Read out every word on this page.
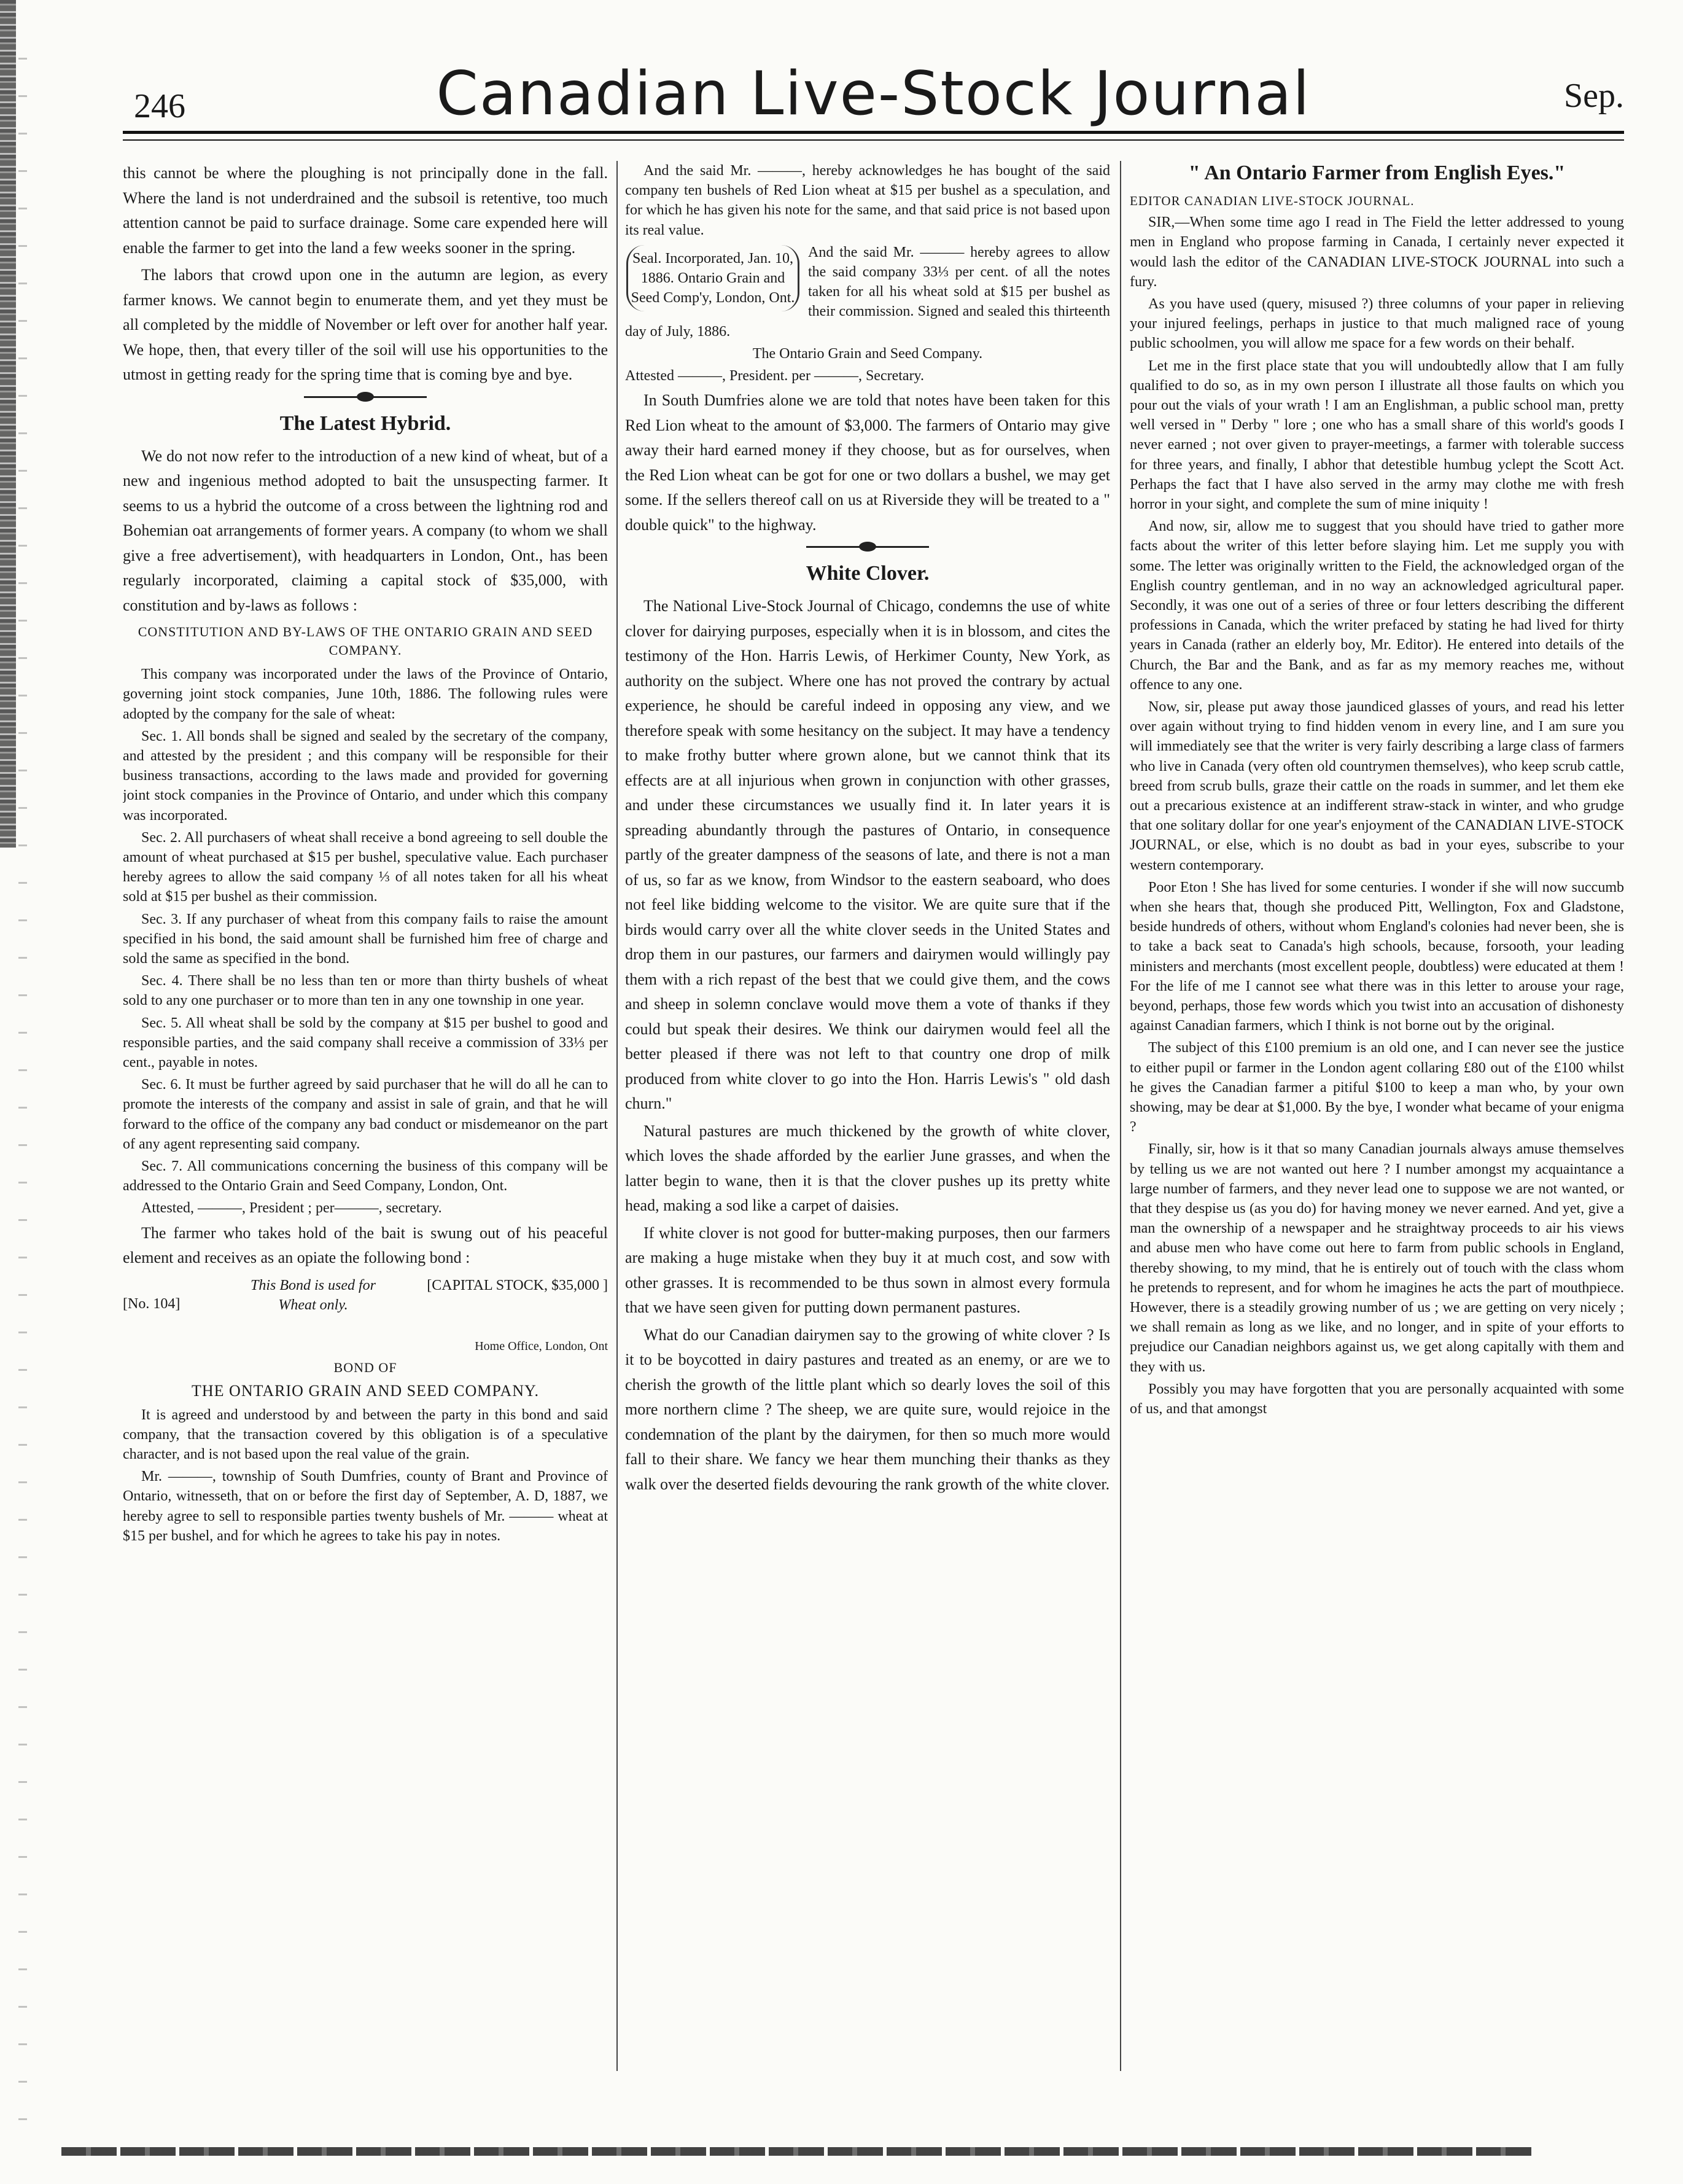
246	Canadian Live-Stock Journal	Sep.

this cannot be where the ploughing is not principally done in the fall. Where the land is not underdrained and the subsoil is retentive, too much attention cannot be paid to surface drainage. Some care expended here will enable the farmer to get into the land a few weeks sooner in the spring.

The labors that crowd upon one in the autumn are legion, as every farmer knows. We cannot begin to enumerate them, and yet they must be all completed by the middle of November or left over for another half year. We hope, then, that every tiller of the soil will use his opportunities to the utmost in getting ready for the spring time that is coming bye and bye.

The Latest Hybrid.

We do not now refer to the introduction of a new kind of wheat, but of a new and ingenious method adopted to bait the unsuspecting farmer. It seems to us a hybrid the outcome of a cross between the lightning rod and Bohemian oat arrangements of former years. A company (to whom we shall give a free advertisement), with headquarters in London, Ont., has been regularly incorporated, claiming a capital stock of $35,000, with constitution and by-laws as follows :

CONSTITUTION AND BY-LAWS OF THE ONTARIO GRAIN AND SEED COMPANY.

This company was incorporated under the laws of the Province of Ontario, governing joint stock companies, June 10th, 1886. The following rules were adopted by the company for the sale of wheat:

Sec. 1. All bonds shall be signed and sealed by the secretary of the company, and attested by the president ; and this company will be responsible for their business transactions, according to the laws made and provided for governing joint stock companies in the Province of Ontario, and under which this company was incorporated.

Sec. 2. All purchasers of wheat shall receive a bond agreeing to sell double the amount of wheat purchased at $15 per bushel, speculative value. Each purchaser hereby agrees to allow the said company ⅓ of all notes taken for all his wheat sold at $15 per bushel as their commission.

Sec. 3. If any purchaser of wheat from this company fails to raise the amount specified in his bond, the said amount shall be furnished him free of charge and sold the same as specified in the bond.

Sec. 4. There shall be no less than ten or more than thirty bushels of wheat sold to any one purchaser or to more than ten in any one township in one year.

Sec. 5. All wheat shall be sold by the company at $15 per bushel to good and responsible parties, and the said company shall receive a commission of 33⅓ per cent., payable in notes.

Sec. 6. It must be further agreed by said purchaser that he will do all he can to promote the interests of the company and assist in sale of grain, and that he will forward to the office of the company any bad conduct or misdemeanor on the part of any agent representing said company.

Sec. 7. All communications concerning the business of this company will be addressed to the Ontario Grain and Seed Company, London, Ont.

Attested, ———, President ; per———, secretary.

The farmer who takes hold of the bait is swung out of his peaceful element and receives as an opiate the following bond :

[No. 104]
This Bond is used for Wheat only.
[CAPITAL STOCK, $35,000 ]
Home Office, London, Ont
BOND OF
THE ONTARIO GRAIN AND SEED COMPANY.

It is agreed and understood by and between the party in this bond and said company, that the transaction covered by this obligation is of a speculative character, and is not based upon the real value of the grain.

Mr. ———, township of South Dumfries, county of Brant and Province of Ontario, witnesseth, that on or before the first day of September, A. D, 1887, we hereby agree to sell to responsible parties twenty bushels of Mr. ——— wheat at $15 per bushel, and for which he agrees to take his pay in notes.

And the said Mr. ———, hereby acknowledges he has bought of the said company ten bushels of Red Lion wheat at $15 per bushel as a speculation, and for which he has given his note for the same, and that said price is not based upon its real value.

Seal. Incorporated, Jan. 10, 1886. Ontario Grain and Seed Comp'y, London, Ont.

And the said Mr. ——— hereby agrees to allow the said company 33⅓ per cent. of all the notes taken for all his wheat sold at $15 per bushel as their commission. Signed and sealed this thirteenth day of July, 1886.

The Ontario Grain and Seed Company.

Attested ———, President. per ———, Secretary.

In South Dumfries alone we are told that notes have been taken for this Red Lion wheat to the amount of $3,000. The farmers of Ontario may give away their hard earned money if they choose, but as for ourselves, when the Red Lion wheat can be got for one or two dollars a bushel, we may get some. If the sellers thereof call on us at Riverside they will be treated to a " double quick" to the highway.

White Clover.

The National Live-Stock Journal of Chicago, condemns the use of white clover for dairying purposes, especially when it is in blossom, and cites the testimony of the Hon. Harris Lewis, of Herkimer County, New York, as authority on the subject. Where one has not proved the contrary by actual experience, he should be careful indeed in opposing any view, and we therefore speak with some hesitancy on the subject. It may have a tendency to make frothy butter where grown alone, but we cannot think that its effects are at all injurious when grown in conjunction with other grasses, and under these circumstances we usually find it. In later years it is spreading abundantly through the pastures of Ontario, in consequence partly of the greater dampness of the seasons of late, and there is not a man of us, so far as we know, from Windsor to the eastern seaboard, who does not feel like bidding welcome to the visitor. We are quite sure that if the birds would carry over all the white clover seeds in the United States and drop them in our pastures, our farmers and dairymen would willingly pay them with a rich repast of the best that we could give them, and the cows and sheep in solemn conclave would move them a vote of thanks if they could but speak their desires. We think our dairymen would feel all the better pleased if there was not left to that country one drop of milk produced from white clover to go into the Hon. Harris Lewis's " old dash churn."

Natural pastures are much thickened by the growth of white clover, which loves the shade afforded by the earlier June grasses, and when the latter begin to wane, then it is that the clover pushes up its pretty white head, making a sod like a carpet of daisies.

If white clover is not good for butter-making purposes, then our farmers are making a huge mistake when they buy it at much cost, and sow with other grasses. It is recommended to be thus sown in almost every formula that we have seen given for putting down permanent pastures.

What do our Canadian dairymen say to the growing of white clover ? Is it to be boycotted in dairy pastures and treated as an enemy, or are we to cherish the growth of the little plant which so dearly loves the soil of this more northern clime ? The sheep, we are quite sure, would rejoice in the condemnation of the plant by the dairymen, for then so much more would fall to their share. We fancy we hear them munching their thanks as they walk over the deserted fields devouring the rank growth of the white clover.

" An Ontario Farmer from English Eyes."
EDITOR CANADIAN LIVE-STOCK JOURNAL.

SIR,—When some time ago I read in The Field the letter addressed to young men in England who propose farming in Canada, I certainly never expected it would lash the editor of the CANADIAN LIVE-STOCK JOURNAL into such a fury.

As you have used (query, misused ?) three columns of your paper in relieving your injured feelings, perhaps in justice to that much maligned race of young public schoolmen, you will allow me space for a few words on their behalf.

Let me in the first place state that you will undoubtedly allow that I am fully qualified to do so, as in my own person I illustrate all those faults on which you pour out the vials of your wrath ! I am an Englishman, a public school man, pretty well versed in " Derby " lore ; one who has a small share of this world's goods I never earned ; not over given to prayer-meetings, a farmer with tolerable success for three years, and finally, I abhor that detestible humbug yclept the Scott Act. Perhaps the fact that I have also served in the army may clothe me with fresh horror in your sight, and complete the sum of mine iniquity !

And now, sir, allow me to suggest that you should have tried to gather more facts about the writer of this letter before slaying him. Let me supply you with some. The letter was originally written to the Field, the acknowledged organ of the English country gentleman, and in no way an acknowledged agricultural paper. Secondly, it was one out of a series of three or four letters describing the different professions in Canada, which the writer prefaced by stating he had lived for thirty years in Canada (rather an elderly boy, Mr. Editor). He entered into details of the Church, the Bar and the Bank, and as far as my memory reaches me, without offence to any one.

Now, sir, please put away those jaundiced glasses of yours, and read his letter over again without trying to find hidden venom in every line, and I am sure you will immediately see that the writer is very fairly describing a large class of farmers who live in Canada (very often old countrymen themselves), who keep scrub cattle, breed from scrub bulls, graze their cattle on the roads in summer, and let them eke out a precarious existence at an indifferent straw-stack in winter, and who grudge that one solitary dollar for one year's enjoyment of the CANADIAN LIVE-STOCK JOURNAL, or else, which is no doubt as bad in your eyes, subscribe to your western contemporary.

Poor Eton ! She has lived for some centuries. I wonder if she will now succumb when she hears that, though she produced Pitt, Wellington, Fox and Gladstone, beside hundreds of others, without whom England's colonies had never been, she is to take a back seat to Canada's high schools, because, forsooth, your leading ministers and merchants (most excellent people, doubtless) were educated at them ! For the life of me I cannot see what there was in this letter to arouse your rage, beyond, perhaps, those few words which you twist into an accusation of dishonesty against Canadian farmers, which I think is not borne out by the original.

The subject of this £100 premium is an old one, and I can never see the justice to either pupil or farmer in the London agent collaring £80 out of the £100 whilst he gives the Canadian farmer a pitiful $100 to keep a man who, by your own showing, may be dear at $1,000. By the bye, I wonder what became of your enigma ?

Finally, sir, how is it that so many Canadian journals always amuse themselves by telling us we are not wanted out here ? I number amongst my acquaintance a large number of farmers, and they never lead one to suppose we are not wanted, or that they despise us (as you do) for having money we never earned. And yet, give a man the ownership of a newspaper and he straightway proceeds to air his views and abuse men who have come out here to farm from public schools in England, thereby showing, to my mind, that he is entirely out of touch with the class whom he pretends to represent, and for whom he imagines he acts the part of mouthpiece. However, there is a steadily growing number of us ; we are getting on very nicely ; we shall remain as long as we like, and no longer, and in spite of your efforts to prejudice our Canadian neighbors against us, we get along capitally with them and they with us.

Possibly you may have forgotten that you are personally acquainted with some of us, and that amongst
